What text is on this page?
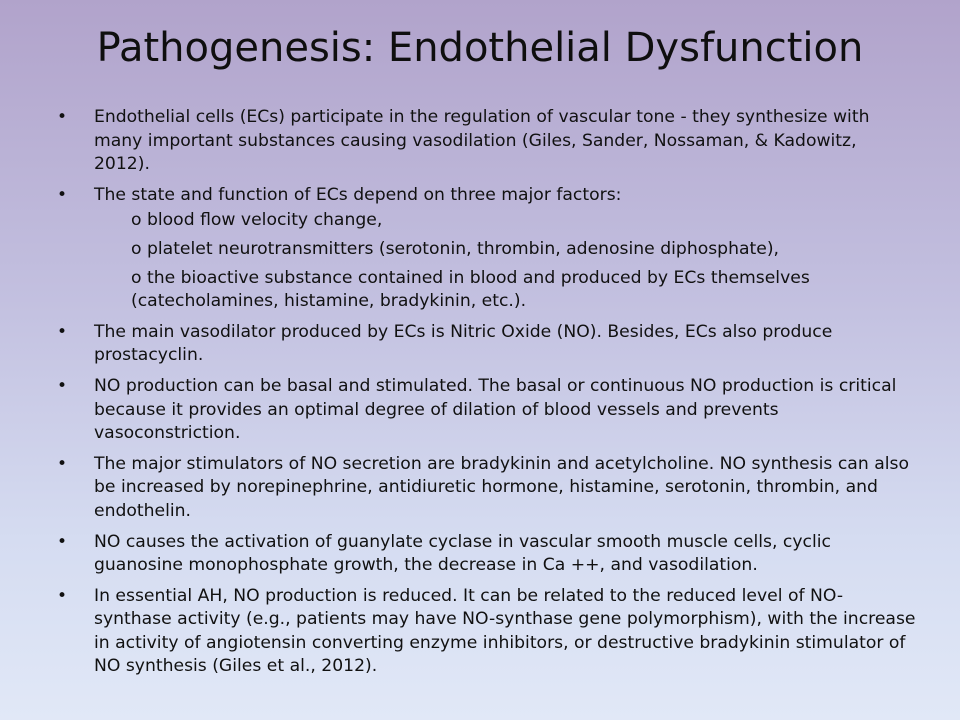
Pathogenesis: Endothelial Dysfunction
• Endothelial cells (ECs) participate in the regulation of vascular tone - they synthesize with many important substances causing vasodilation (Giles, Sander, Nossaman, & Kadowitz, 2012).
• The state and function of ECs depend on three major factors:
o blood flow velocity change,
o platelet neurotransmitters (serotonin, thrombin, adenosine diphosphate),
o the bioactive substance contained in blood and produced by ECs themselves (catecholamines, histamine, bradykinin, etc.).
• The main vasodilator produced by ECs is Nitric Oxide (NO). Besides, ECs also produce prostacyclin.
• NO production can be basal and stimulated. The basal or continuous NO production is critical because it provides an optimal degree of dilation of blood vessels and prevents vasoconstriction.
• The major stimulators of NO secretion are bradykinin and acetylcholine. NO synthesis can also be increased by norepinephrine, antidiuretic hormone, histamine, serotonin, thrombin, and endothelin.
• NO causes the activation of guanylate cyclase in vascular smooth muscle cells, cyclic guanosine monophosphate growth, the decrease in Ca ++, and vasodilation.
• In essential AH, NO production is reduced. It can be related to the reduced level of NO-synthase activity (e.g., patients may have NO-synthase gene polymorphism), with the increase in activity of angiotensin converting enzyme inhibitors, or destructive bradykinin stimulator of NO synthesis (Giles et al., 2012).
